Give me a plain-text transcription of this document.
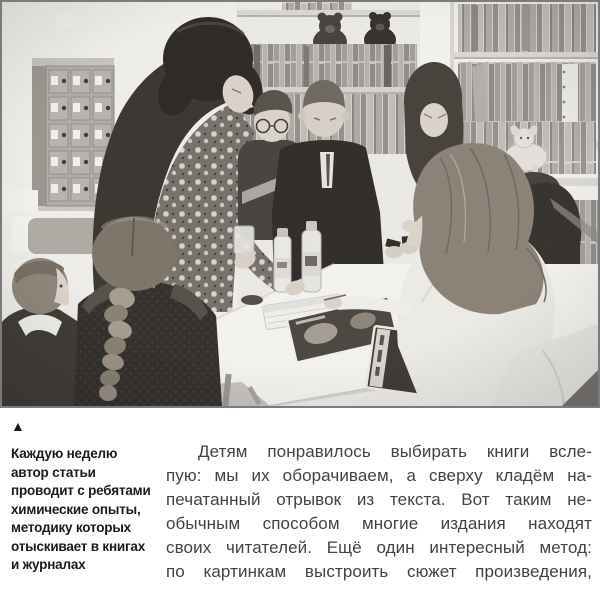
▲
Каждую неделю
автор статьи
проводит с ребятами
химические опыты,
методику которых
отыскивает в книгах
и журналах
Детям понравилось выбирать книги всле-
пую: мы их оборачиваем, а сверху кладём на-
печатанный отрывок из текста. Вот таким не-
обычным способом многие издания находят
своих читателей. Ещё один интересный метод:
по картинкам выстроить сюжет произведения,
